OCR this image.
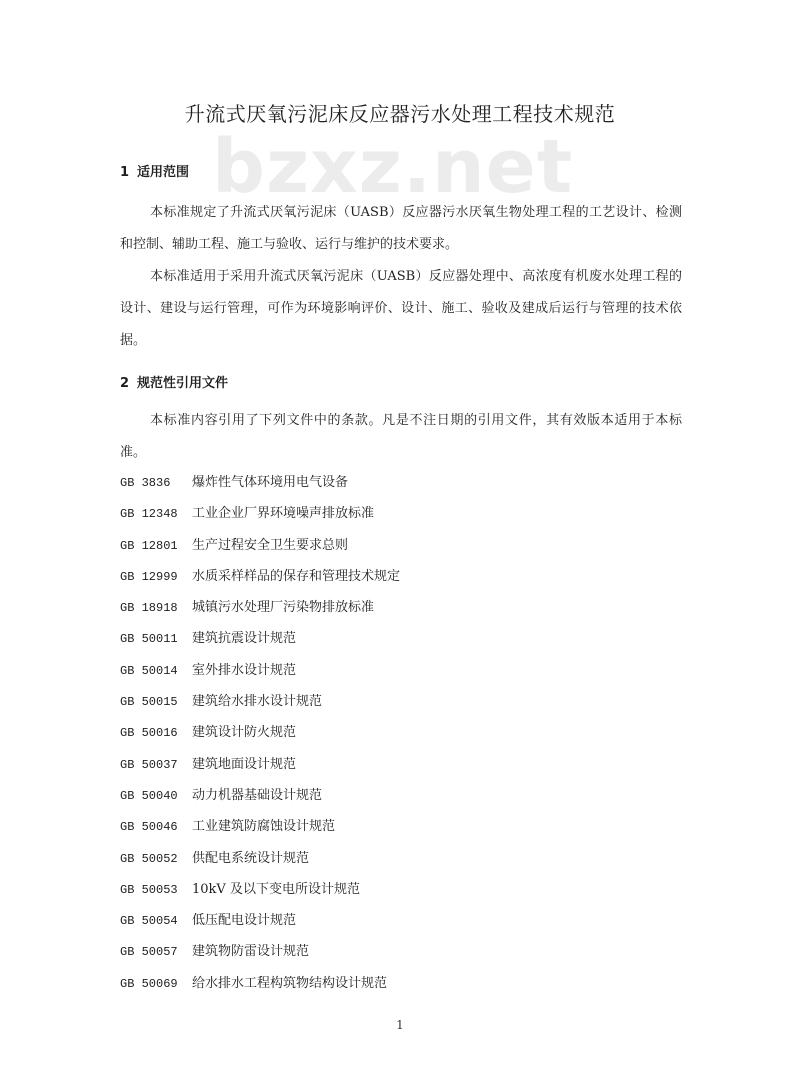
bzxz.net
升流式厌氧污泥床反应器污水处理工程技术规范
1 适用范围

本标准规定了升流式厌氧污泥床（UASB）反应器污水厌氧生物处理工程的工艺设计、检测和控制、辅助工程、施工与验收、运行与维护的技术要求。

本标准适用于采用升流式厌氧污泥床（UASB）反应器处理中、高浓度有机废水处理工程的设计、建设与运行管理，可作为环境影响评价、设计、施工、验收及建成后运行与管理的技术依据。

2 规范性引用文件

本标准内容引用了下列文件中的条款。凡是不注日期的引用文件，其有效版本适用于本标准。

GB 3836 爆炸性气体环境用电气设备
GB 12348 工业企业厂界环境噪声排放标准
GB 12801 生产过程安全卫生要求总则
GB 12999 水质采样样品的保存和管理技术规定
GB 18918 城镇污水处理厂污染物排放标准
GB 50011 建筑抗震设计规范
GB 50014 室外排水设计规范
GB 50015 建筑给水排水设计规范
GB 50016 建筑设计防火规范
GB 50037 建筑地面设计规范
GB 50040 动力机器基础设计规范
GB 50046 工业建筑防腐蚀设计规范
GB 50052 供配电系统设计规范
GB 50053 10kV 及以下变电所设计规范
GB 50054 低压配电设计规范
GB 50057 建筑物防雷设计规范
GB 50069 给水排水工程构筑物结构设计规范
1
